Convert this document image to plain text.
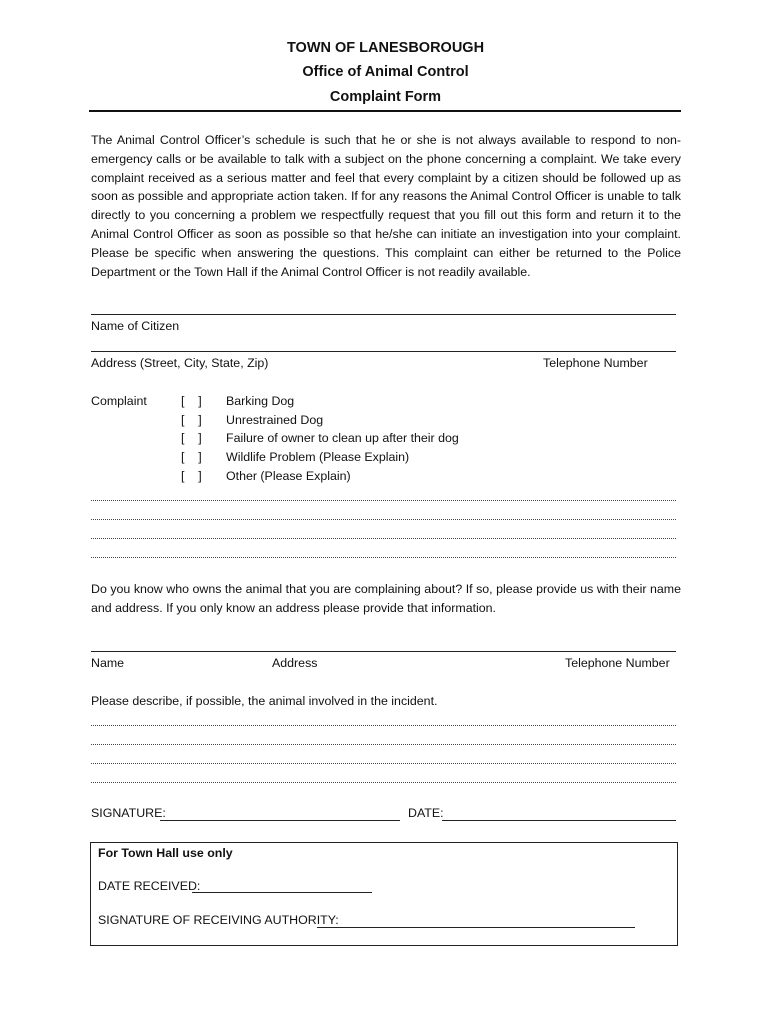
TOWN OF LANESBOROUGH
Office of Animal Control
Complaint Form
The Animal Control Officer’s schedule is such that he or she is not always available to respond to non-emergency calls or be available to talk with a subject on the phone concerning a complaint. We take every complaint received as a serious matter and feel that every complaint by a citizen should be followed up as soon as possible and appropriate action taken. If for any reasons the Animal Control Officer is unable to talk directly to you concerning a problem we respectfully request that you fill out this form and return it to the Animal Control Officer as soon as possible so that he/she can initiate an investigation into your complaint. Please be specific when answering the questions. This complaint can either be returned to the Police Department or the Town Hall if the Animal Control Officer is not readily available.
Name of Citizen
Address (Street, City, State, Zip)	Telephone Number
Complaint	[    ] Barking Dog
[    ] Unrestrained Dog
[    ] Failure of owner to clean up after their dog
[    ] Wildlife Problem (Please Explain)
[    ] Other (Please Explain)
Do you know who owns the animal that you are complaining about? If so, please provide us with their name and address. If you only know an address please provide that information.
Name	Address	Telephone Number
Please describe, if possible, the animal involved in the incident.
SIGNATURE:	DATE:
For Town Hall use only
DATE RECEIVED:
SIGNATURE OF RECEIVING AUTHORITY:
